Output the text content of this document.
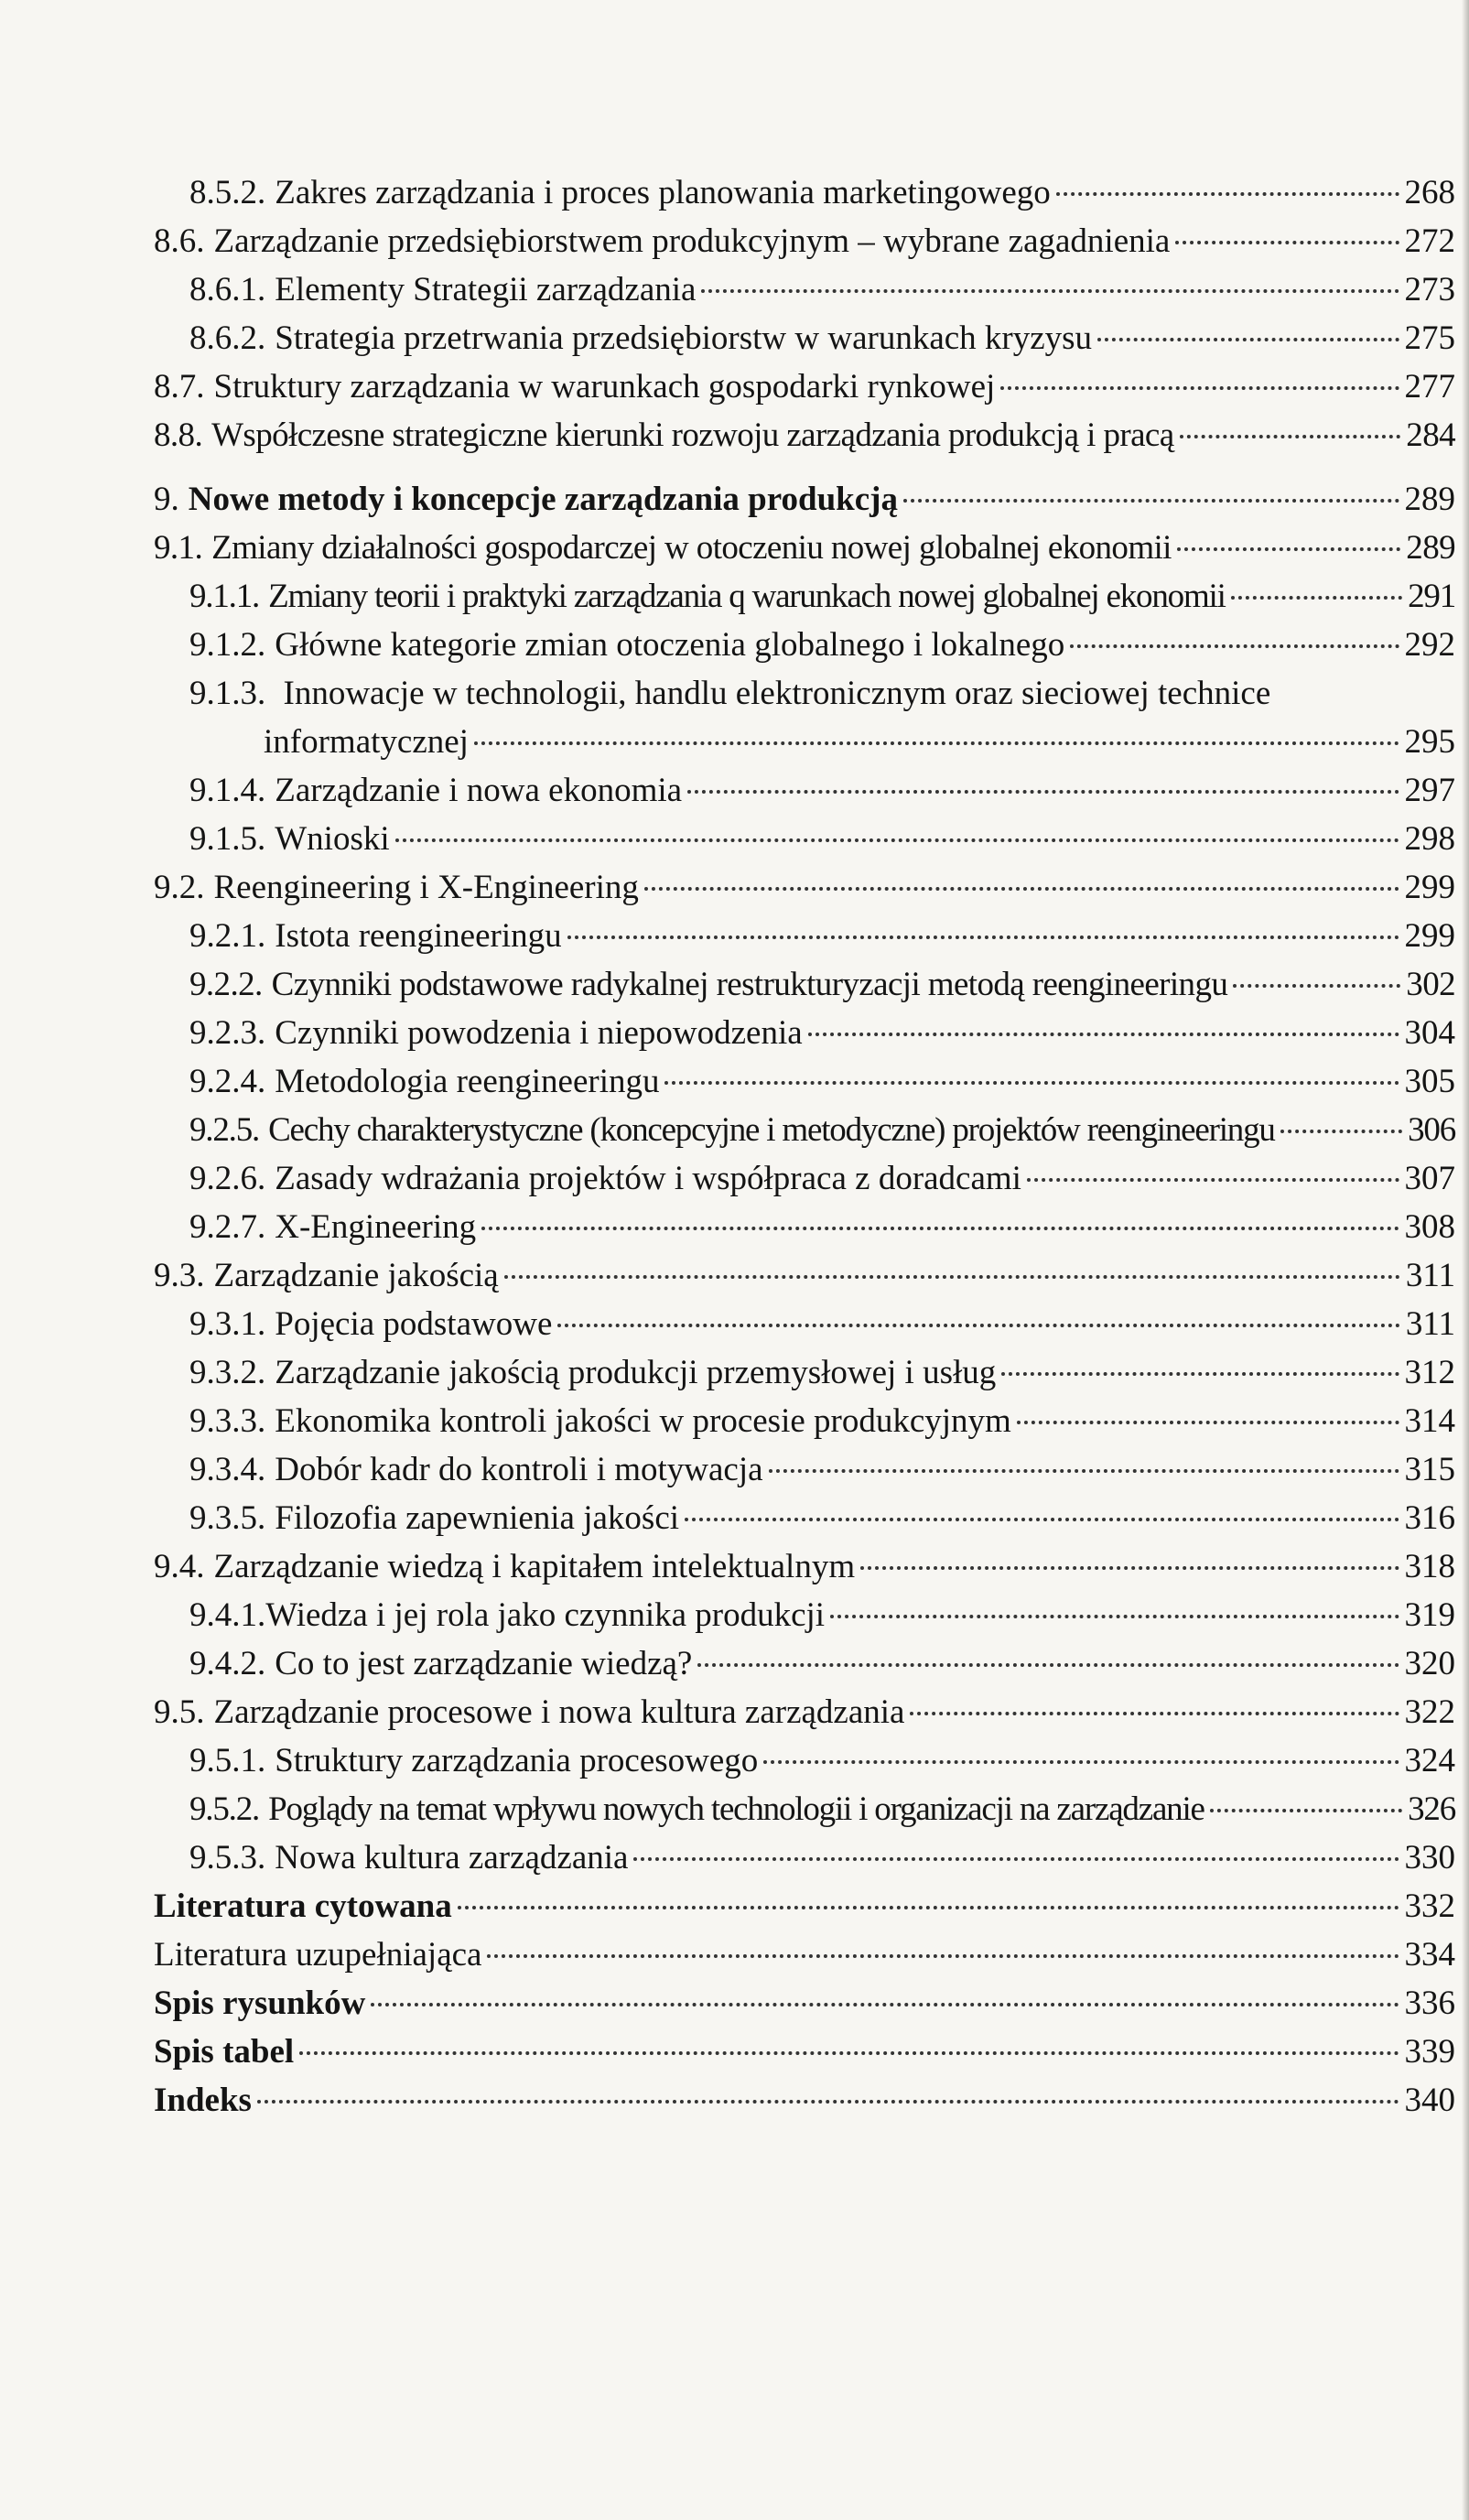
8.5.2. Zakres zarządzania i proces planowania marketingowego	268
8.6. Zarządzanie przedsiębiorstwem produkcyjnym – wybrane zagadnienia	272
8.6.1. Elementy Strategii zarządzania	273
8.6.2. Strategia przetrwania przedsiębiorstw w warunkach kryzysu	275
8.7. Struktury zarządzania w warunkach gospodarki rynkowej	277
8.8. Współczesne strategiczne kierunki rozwoju zarządzania produkcją i pracą	284
9. Nowe metody i koncepcje zarządzania produkcją	289
9.1. Zmiany działalności gospodarczej w otoczeniu nowej globalnej ekonomii	289
9.1.1. Zmiany teorii i praktyki zarządzania q warunkach nowej globalnej ekonomii	291
9.1.2. Główne kategorie zmian otoczenia globalnego i lokalnego	292
9.1.3. Innowacje w technologii, handlu elektronicznym oraz sieciowej technice
informatycznej	295
9.1.4. Zarządzanie i nowa ekonomia	297
9.1.5. Wnioski	298
9.2. Reengineering i X-Engineering	299
9.2.1. Istota reengineeringu	299
9.2.2. Czynniki podstawowe radykalnej restrukturyzacji metodą reengineeringu	302
9.2.3. Czynniki powodzenia i niepowodzenia	304
9.2.4. Metodologia reengineeringu	305
9.2.5. Cechy charakterystyczne (koncepcyjne i metodyczne) projektów reengineeringu	306
9.2.6. Zasady wdrażania projektów i współpraca z doradcami	307
9.2.7. X-Engineering	308
9.3. Zarządzanie jakością	311
9.3.1. Pojęcia podstawowe	311
9.3.2. Zarządzanie jakością produkcji przemysłowej i usług	312
9.3.3. Ekonomika kontroli jakości w procesie produkcyjnym	314
9.3.4. Dobór kadr do kontroli i motywacja	315
9.3.5. Filozofia zapewnienia jakości	316
9.4. Zarządzanie wiedzą i kapitałem intelektualnym	318
9.4.1. Wiedza i jej rola jako czynnika produkcji	319
9.4.2. Co to jest zarządzanie wiedzą?	320
9.5. Zarządzanie procesowe i nowa kultura zarządzania	322
9.5.1. Struktury zarządzania procesowego	324
9.5.2. Poglądy na temat wpływu nowych technologii i organizacji na zarządzanie	326
9.5.3. Nowa kultura zarządzania	330
Literatura cytowana	332
Literatura uzupełniająca	334
Spis rysunków	336
Spis tabel	339
Indeks	340
